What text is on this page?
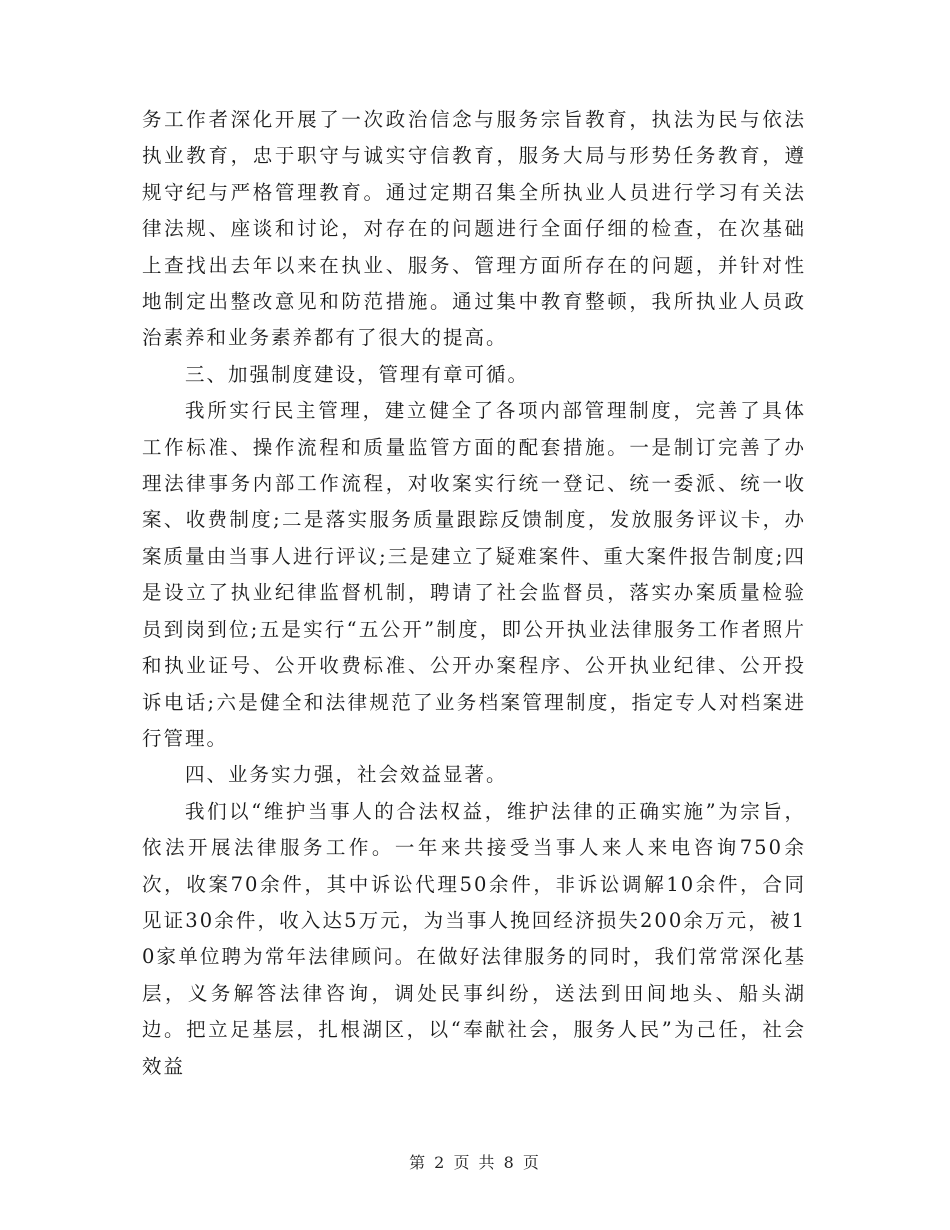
务工作者深化开展了一次政治信念与服务宗旨教育，执法为民与依法执业教育，忠于职守与诚实守信教育，服务大局与形势任务教育，遵规守纪与严格管理教育。通过定期召集全所执业人员进行学习有关法律法规、座谈和讨论，对存在的问题进行全面仔细的检查，在次基础上查找出去年以来在执业、服务、管理方面所存在的问题，并针对性地制定出整改意见和防范措施。通过集中教育整顿，我所执业人员政治素养和业务素养都有了很大的提高。

三、加强制度建设，管理有章可循。

我所实行民主管理，建立健全了各项内部管理制度，完善了具体工作标准、操作流程和质量监管方面的配套措施。一是制订完善了办理法律事务内部工作流程，对收案实行统一登记、统一委派、统一收案、收费制度;二是落实服务质量跟踪反馈制度，发放服务评议卡，办案质量由当事人进行评议;三是建立了疑难案件、重大案件报告制度;四是设立了执业纪律监督机制，聘请了社会监督员，落实办案质量检验员到岗到位;五是实行“五公开”制度，即公开执业法律服务工作者照片和执业证号、公开收费标准、公开办案程序、公开执业纪律、公开投诉电话;六是健全和法律规范了业务档案管理制度，指定专人对档案进行管理。

四、业务实力强，社会效益显著。

我们以“维护当事人的合法权益，维护法律的正确实施”为宗旨，依法开展法律服务工作。一年来共接受当事人来人来电咨询750余次，收案70余件，其中诉讼代理50余件，非诉讼调解10余件，合同见证30余件，收入达5万元，为当事人挽回经济损失200余万元，被10家单位聘为常年法律顾问。在做好法律服务的同时，我们常常深化基层，义务解答法律咨询，调处民事纠纷，送法到田间地头、船头湖边。把立足基层，扎根湖区，以“奉献社会，服务人民”为己任，社会效益

第 2 页 共 8 页
